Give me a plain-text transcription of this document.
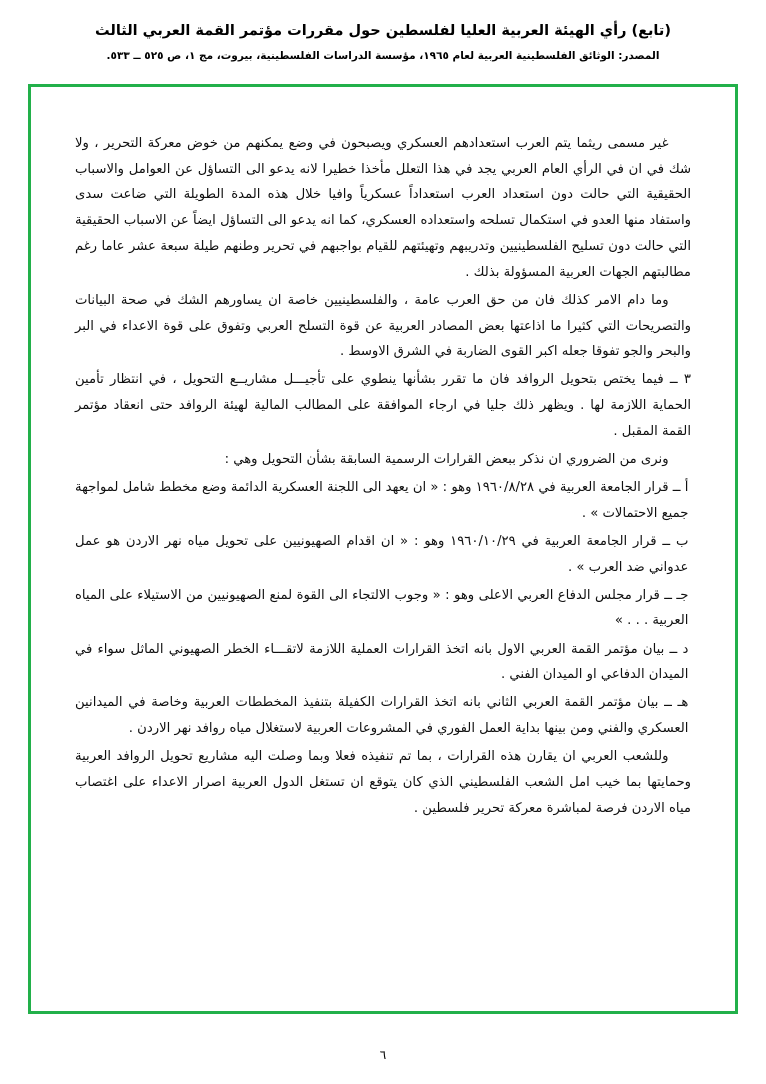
(تابع) رأي الهيئة العربية العليا لفلسطين حول مقررات مؤتمر القمة العربي الثالث
المصدر: الوثائق الفلسطينية العربية لعام ١٩٦٥، مؤسسة الدراسات الفلسطينية، بيروت، مج ١، ص ٥٢٥ ــ ٥٣٣.

غير مسمى ريثما يتم العرب استعدادهم العسكري ويصبحون في وضع يمكنهم من خوض معركة التحرير ، ولا شك في ان في الرأي العام العربي يجد في هذا التعلل مأخذا خطيرا لانه يدعو الى التساؤل عن العوامل والاسباب الحقيقية التي حالت دون استعداد العرب استعداداً عسكرياً وافيا خلال هذه المدة الطويلة التي ضاعت سدى واستفاد منها العدو في استكمال تسلحه واستعداده العسكري، كما انه يدعو الى التساؤل ايضاً عن الاسباب الحقيقية التي حالت دون تسليح الفلسطينيين وتدريبهم وتهيئتهم للقيام بواجبهم في تحرير وطنهم طيلة سبعة عشر عاما رغم مطالبتهم الجهات العربية المسؤولة بذلك .

وما دام الامر كذلك فان من حق العرب عامة ، والفلسطينيين خاصة ان يساورهم الشك في صحة البيانات والتصريحات التي كثيرا ما اذاعتها بعض المصادر العربية عن قوة التسلح العربي وتفوق على قوة الاعداء في البر والبحر والجو تفوقا جعله اكبر القوى الضاربة في الشرق الاوسط .

٣ ــ فيما يختص بتحويل الروافد فان ما تقرر بشأنها ينطوي على تأجيـــل مشاريــع التحويل ، في انتظار تأمين الحماية اللازمة لها . ويظهر ذلك جليا في ارجاء الموافقة على المطالب المالية لهيئة الروافد حتى انعقاد مؤتمر القمة المقبل .

ونرى من الضروري ان نذكر ببعض القرارات الرسمية السابقة بشأن التحويل وهي :

أ ــ قرار الجامعة العربية في ١٩٦٠/٨/٢٨ وهو : « ان يعهد الى اللجنة العسكرية الدائمة وضع مخطط شامل لمواجهة جميع الاحتمالات » .

ب ــ قرار الجامعة العربية في ١٩٦٠/١٠/٢٩ وهو : « ان اقدام الصهيونيين على تحويل مياه نهر الاردن هو عمل عدواني ضد العرب » .

جـ ــ قرار مجلس الدفاع العربي الاعلى وهو : « وجوب الالتجاء الى القوة لمنع الصهيونيين من الاستيلاء على المياه العربية . . . »

د ــ بيان مؤتمر القمة العربي الاول بانه اتخذ القرارات العملية اللازمة لاتقـــاء الخطر الصهيوني الماثل سواء في الميدان الدفاعي او الميدان الفني .

هـ ــ بيان مؤتمر القمة العربي الثاني بانه اتخذ القرارات الكفيلة بتنفيذ المخططات العربية وخاصة في الميدانين العسكري والفني ومن بينها بداية العمل الفوري في المشروعات العربية لاستغلال مياه روافد نهر الاردن .

وللشعب العربي ان يقارن هذه القرارات ، بما تم تنفيذه فعلا وبما وصلت اليه مشاريع تحويل الروافد العربية وحمايتها بما خيب امل الشعب الفلسطيني الذي كان يتوقع ان تستغل الدول العربية اصرار الاعداء على اغتصاب مياه الاردن فرصة لمباشرة معركة تحرير فلسطين .

٦
